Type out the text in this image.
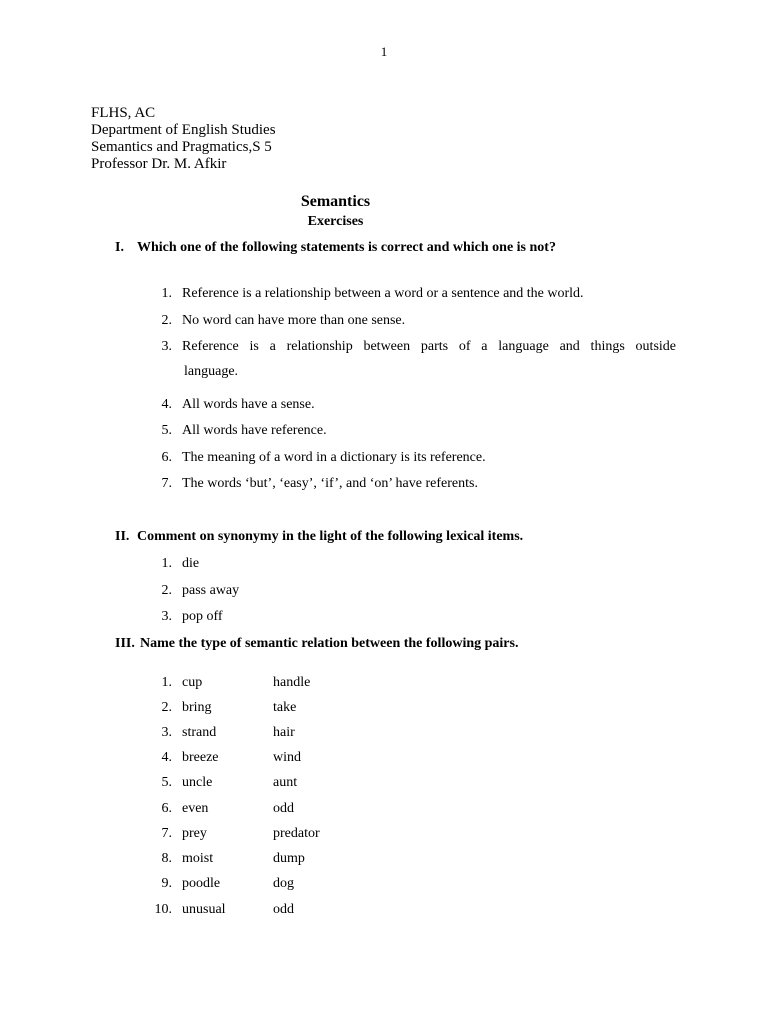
1
FLHS, AC
Department of English Studies
Semantics and Pragmatics,S 5
Professor Dr. M. Afkir
Semantics
Exercises
I. Which one of the following statements is correct and which one is not?
1. Reference is a relationship between a word or a sentence and the world.
2. No word can have more than one sense.
3. Reference is a relationship between parts of a language and things outside
language.
4. All words have a sense.
5. All words have reference.
6. The meaning of a word in a dictionary is its reference.
7. The words ‘but’, ‘easy’, ‘if’, and ‘on’ have referents.
II. Comment on synonymy in the light of the following lexical items.
1. die
2. pass away
3. pop off
III. Name the type of semantic relation between the following pairs.
1. cup	handle
2. bring	take
3. strand	hair
4. breeze	wind
5. uncle	aunt
6. even	odd
7. prey	predator
8. moist	dump
9. poodle	dog
10. unusual	odd
